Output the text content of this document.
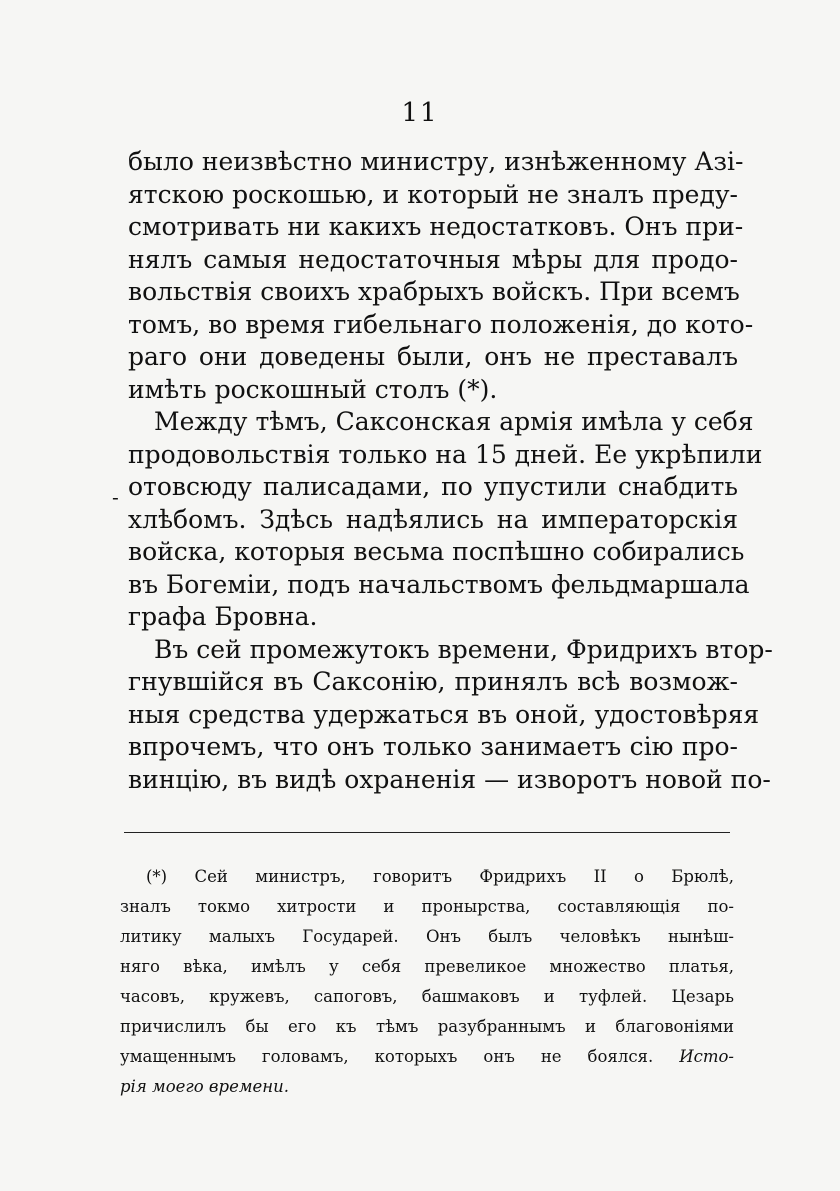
11
-
было неизвѣстно министру, изнѣженному Азі-
ятскою роскошью, и который не зналъ преду-
смотривать ни какихъ недостатковъ. Онъ при-
нялъ самыя недостаточныя мѣры для продо-
вольствія своихъ храбрыхъ войскъ. При всемъ
томъ, во время гибельнаго положенія, до кото-
раго они доведены были, онъ не преставалъ
имѣть роскошный столъ (*).
Между тѣмъ, Саксонская армія имѣла у себя
продовольствія только на 15 дней. Ее укрѣпили
отовсюду палисадами, по упустили снабдить
хлѣбомъ. Здѣсь надѣялись на императорскія
войска, которыя весьма поспѣшно собирались
въ Богеміи, подъ начальствомъ фельдмаршала
графа Бровна.
Въ сей промежутокъ времени, Фридрихъ втор-
гнувшійся въ Саксонію, принялъ всѣ возмож-
ныя средства удержаться въ оной, удостовѣряя
впрочемъ, что онъ только занимаетъ сію про-
винцію, въ видѣ охраненія — изворотъ новой по-
(*) Сей министръ, говоритъ Фридрихъ II о Брюлѣ,
зналъ токмо хитрости и пронырства, составляющія по-
литику малыхъ Государей. Онъ былъ человѣкъ нынѣш-
няго вѣка, имѣлъ у себя превеликое множество платья,
часовъ, кружевъ, сапоговъ, башмаковъ и туфлей. Цезарь
причислилъ бы его къ тѣмъ разубраннымъ и благовоніями
умащеннымъ головамъ, которыхъ онъ не боялся. Исто-
рія моего времени.
